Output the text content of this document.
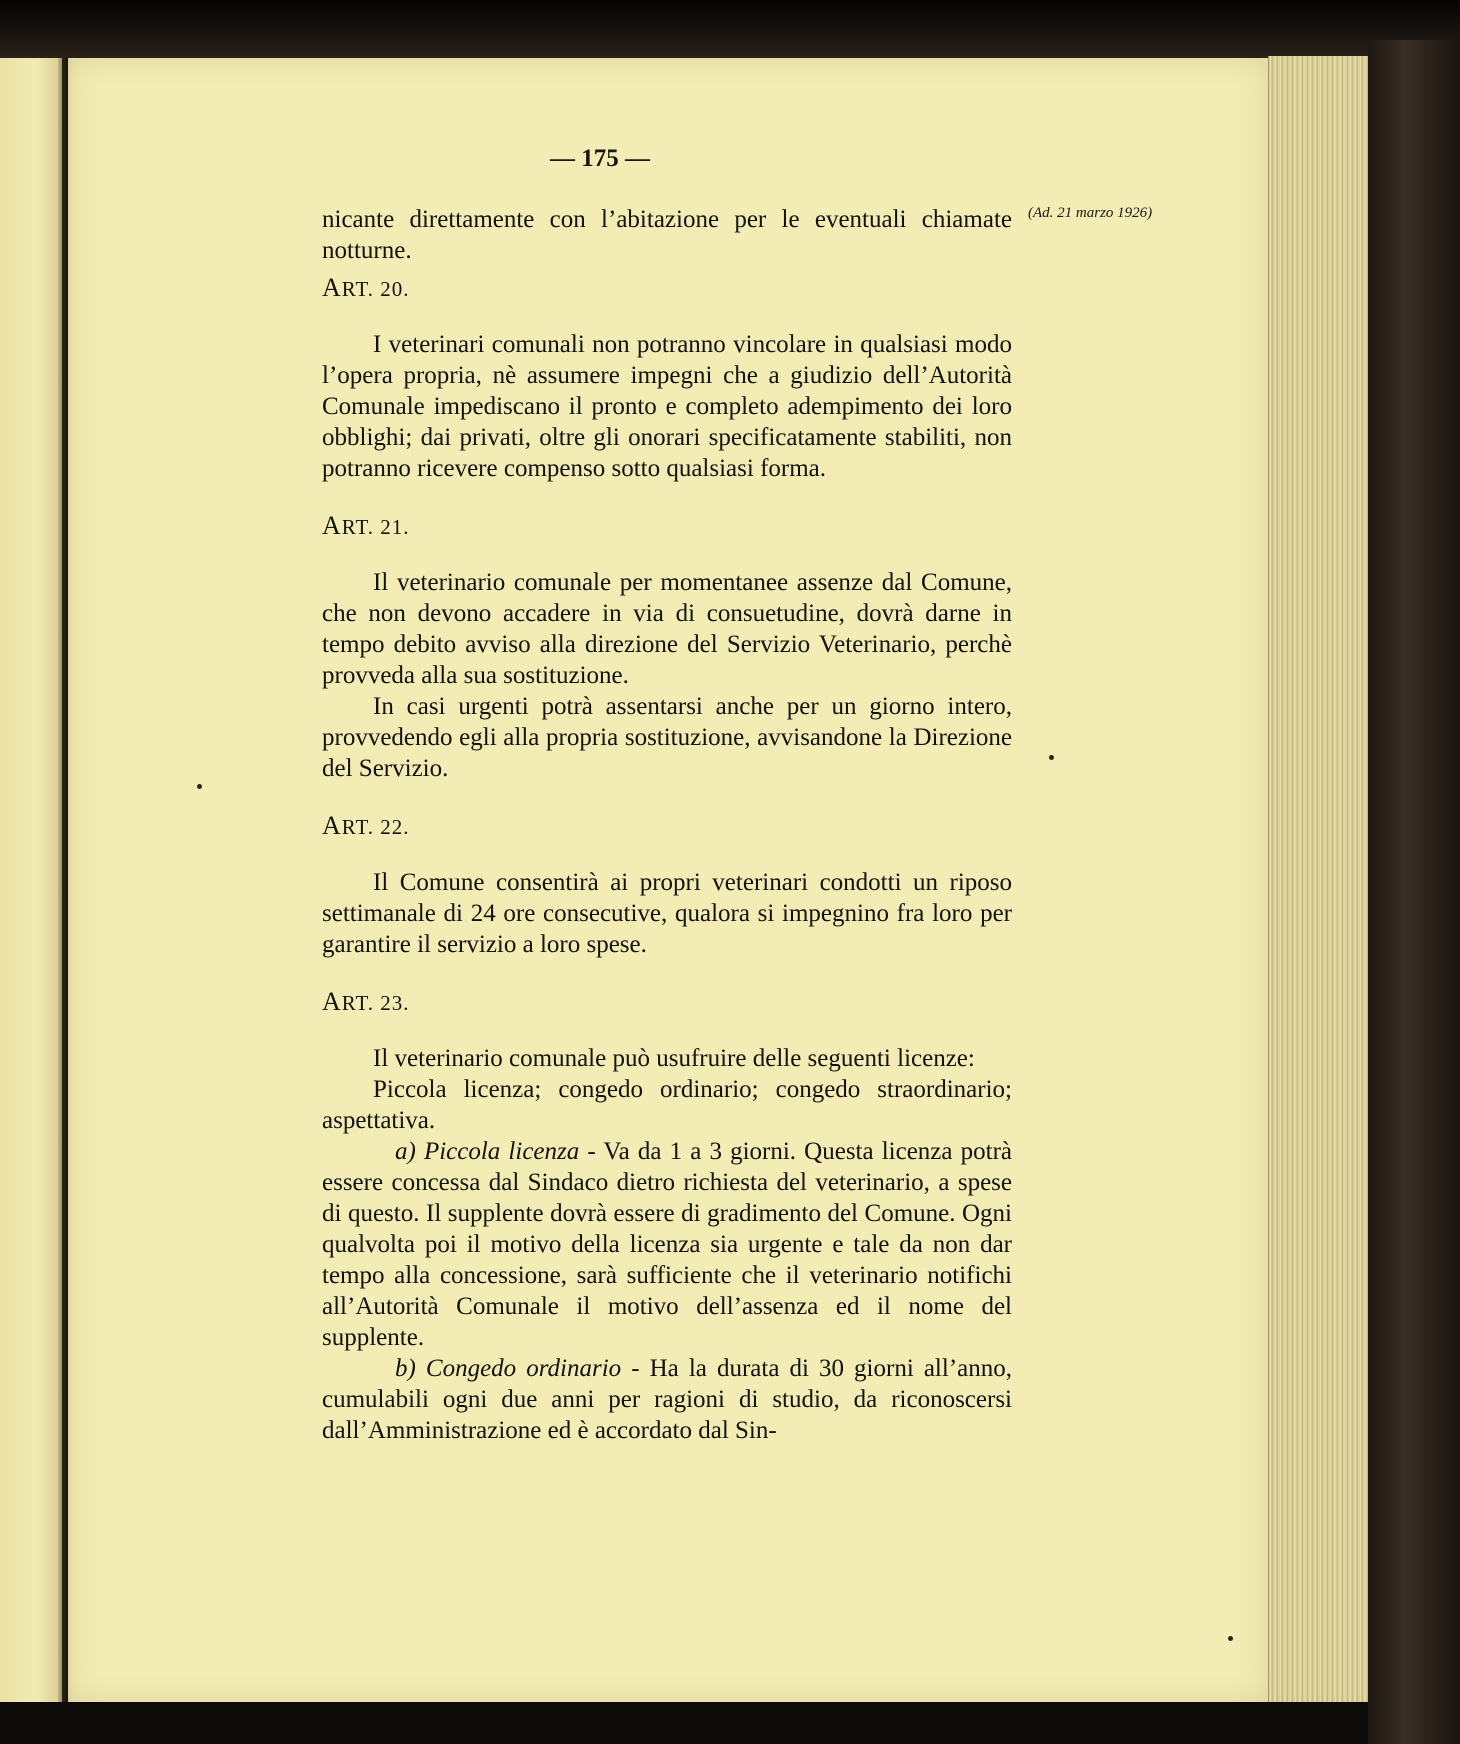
— 175 —
(Ad. 21 marzo 1926)

nicante direttamente con l’abitazione per le eventuali chiamate notturne.

ART. 20.

I veterinari comunali non potranno vincolare in qualsiasi modo l’opera propria, nè assumere impegni che a giudizio dell’Autorità Comunale impediscano il pronto e completo adempimento dei loro obblighi; dai privati, oltre gli onorari specificatamente stabiliti, non potranno ricevere compenso sotto qualsiasi forma.

ART. 21.

Il veterinario comunale per momentanee assenze dal Comune, che non devono accadere in via di consuetudine, dovrà darne in tempo debito avviso alla direzione del Servizio Veterinario, perchè provveda alla sua sostituzione.

In casi urgenti potrà assentarsi anche per un giorno intero, provvedendo egli alla propria sostituzione, avvisandone la Direzione del Servizio.

ART. 22.

Il Comune consentirà ai propri veterinari condotti un riposo settimanale di 24 ore consecutive, qualora si impegnino fra loro per garantire il servizio a loro spese.

ART. 23.

Il veterinario comunale può usufruire delle seguenti licenze:

Piccola licenza; congedo ordinario; congedo straordinario; aspettativa.

a) Piccola licenza - Va da 1 a 3 giorni. Questa licenza potrà essere concessa dal Sindaco dietro richiesta del veterinario, a spese di questo. Il supplente dovrà essere di gradimento del Comune. Ogni qualvolta poi il motivo della licenza sia urgente e tale da non dar tempo alla concessione, sarà sufficiente che il veterinario notifichi all’Autorità Comunale il motivo dell’assenza ed il nome del supplente.

b) Congedo ordinario - Ha la durata di 30 giorni all’anno, cumulabili ogni due anni per ragioni di studio, da riconoscersi dall’Amministrazione ed è accordato dal Sin-
